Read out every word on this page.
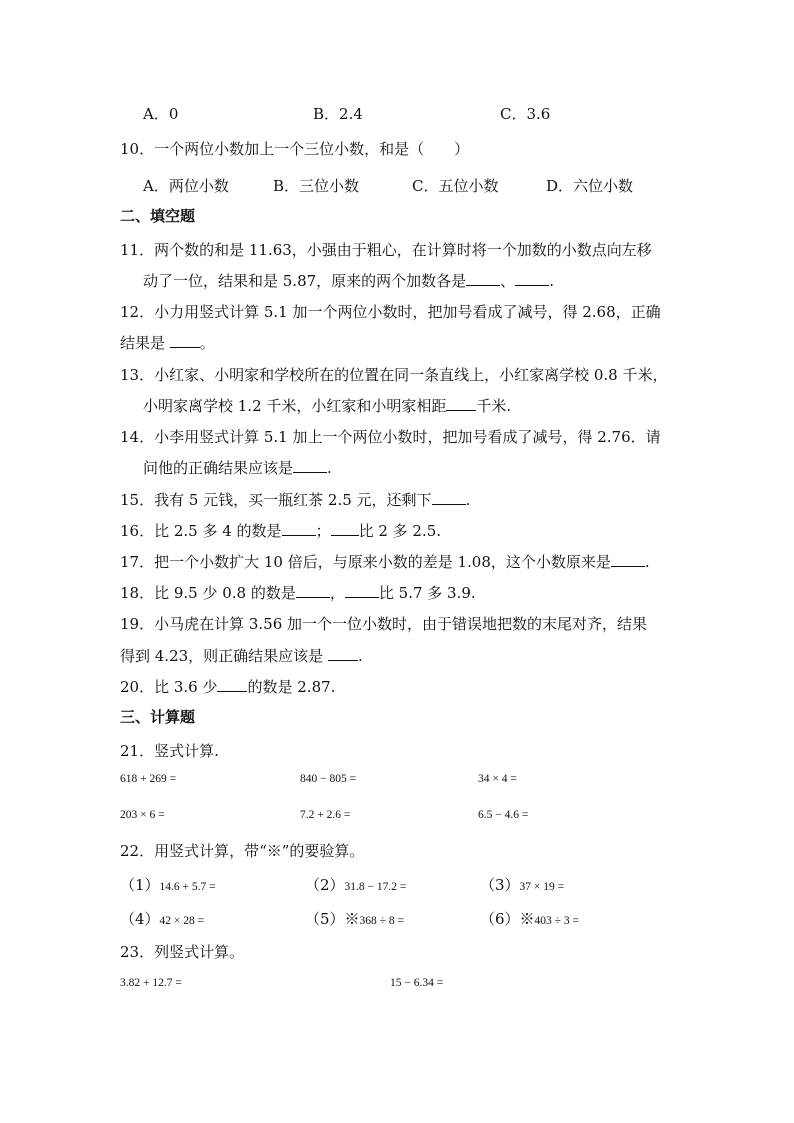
A．0	B．2.4	C．3.6
10．一个两位小数加上一个三位小数，和是（　　）
A．两位小数	B．三位小数	C．五位小数	D．六位小数
二、填空题
11．两个数的和是 11.63，小强由于粗心，在计算时将一个加数的小数点向左移
动了一位，结果和是 5.87，原来的两个加数各是 、 .
12．小力用竖式计算 5.1 加一个两位小数时，把加号看成了减号，得 2.68，正确
结果是 。
13．小红家、小明家和学校所在的位置在同一条直线上，小红家离学校 0.8 千米，
小明家离学校 1.2 千米，小红家和小明家相距 千米.
14．小李用竖式计算 5.1 加上一个两位小数时，把加号看成了减号，得 2.76．请
问他的正确结果应该是 .
15．我有 5 元钱，买一瓶红茶 2.5 元，还剩下 .
16．比 2.5 多 4 的数是 ； 比 2 多 2.5.
17．把一个小数扩大 10 倍后，与原来小数的差是 1.08，这个小数原来是 .
18．比 9.5 少 0.8 的数是 ， 比 5.7 多 3.9.
19．小马虎在计算 3.56 加一个一位小数时，由于错误地把数的末尾对齐，结果
得到 4.23，则正确结果应该是 .
20．比 3.6 少 的数是 2.87.
三、计算题
21．竖式计算.
618 + 269 =	840 − 805 =	34 × 4 =
203 × 6 =	7.2 + 2.6 =	6.5 − 4.6 =
22．用竖式计算，带“※”的要验算。
（1）14.6 + 5.7 =	（2）31.8 − 17.2 =	（3）37 × 19 =
（4）42 × 28 =	（5）※368 ÷ 8 =	（6）※403 ÷ 3 =
23．列竖式计算。
3.82 + 12.7 =	15 − 6.34 =
